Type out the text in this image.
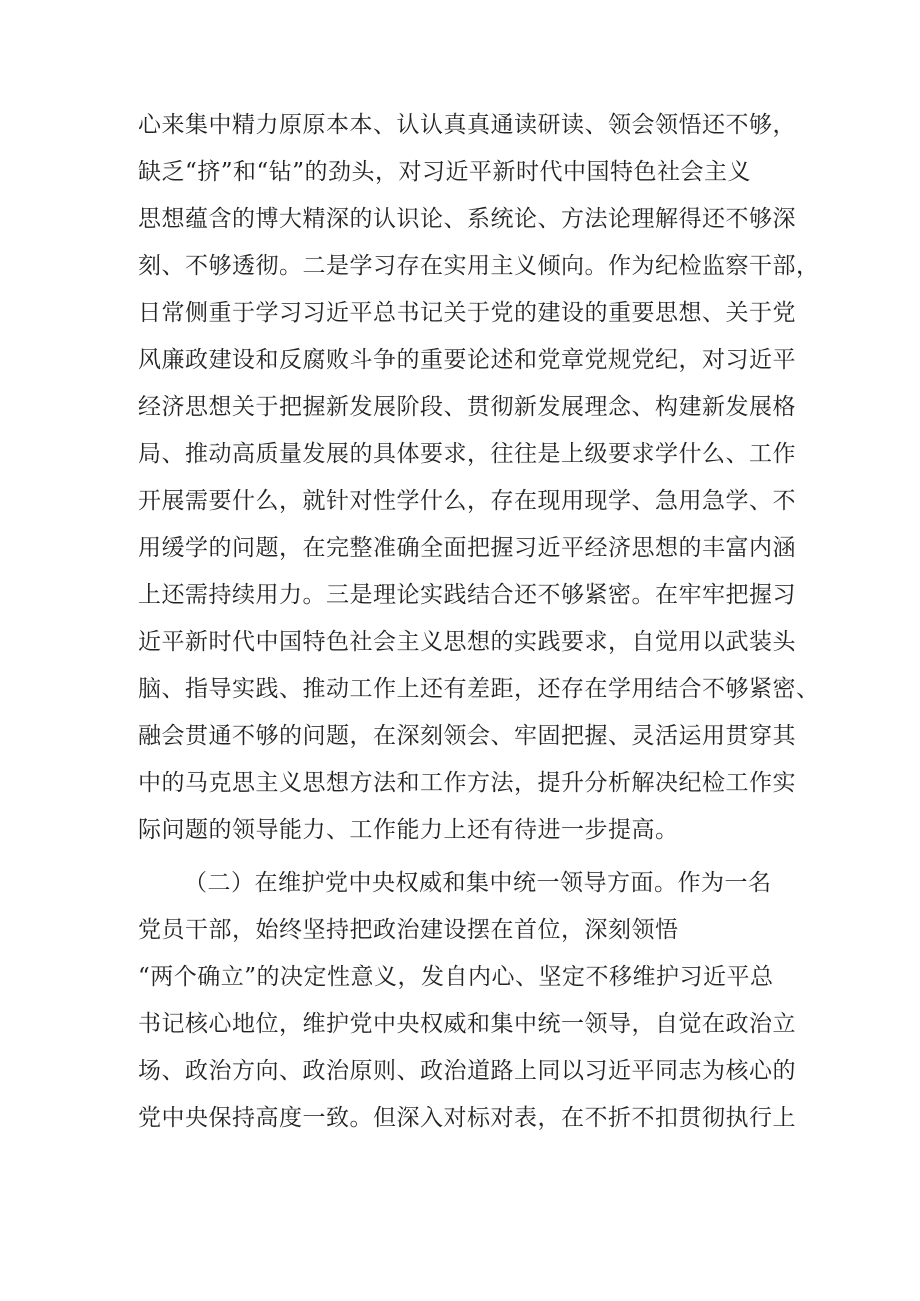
心来集中精力原原本本、认认真真通读研读、领会领悟还不够，
缺乏“挤”和“钻”的劲头，对习近平新时代中国特色社会主义
思想蕴含的博大精深的认识论、系统论、方法论理解得还不够深
刻、不够透彻。二是学习存在实用主义倾向。作为纪检监察干部，
日常侧重于学习习近平总书记关于党的建设的重要思想、关于党
风廉政建设和反腐败斗争的重要论述和党章党规党纪，对习近平
经济思想关于把握新发展阶段、贯彻新发展理念、构建新发展格
局、推动高质量发展的具体要求，往往是上级要求学什么、工作
开展需要什么，就针对性学什么，存在现用现学、急用急学、不
用缓学的问题，在完整准确全面把握习近平经济思想的丰富内涵
上还需持续用力。三是理论实践结合还不够紧密。在牢牢把握习
近平新时代中国特色社会主义思想的实践要求，自觉用以武装头
脑、指导实践、推动工作上还有差距，还存在学用结合不够紧密、
融会贯通不够的问题，在深刻领会、牢固把握、灵活运用贯穿其
中的马克思主义思想方法和工作方法，提升分析解决纪检工作实
际问题的领导能力、工作能力上还有待进一步提高。
（二）在维护党中央权威和集中统一领导方面。作为一名
党员干部，始终坚持把政治建设摆在首位，深刻领悟
“两个确立”的决定性意义，发自内心、坚定不移维护习近平总
书记核心地位，维护党中央权威和集中统一领导，自觉在政治立
场、政治方向、政治原则、政治道路上同以习近平同志为核心的
党中央保持高度一致。但深入对标对表，在不折不扣贯彻执行上
